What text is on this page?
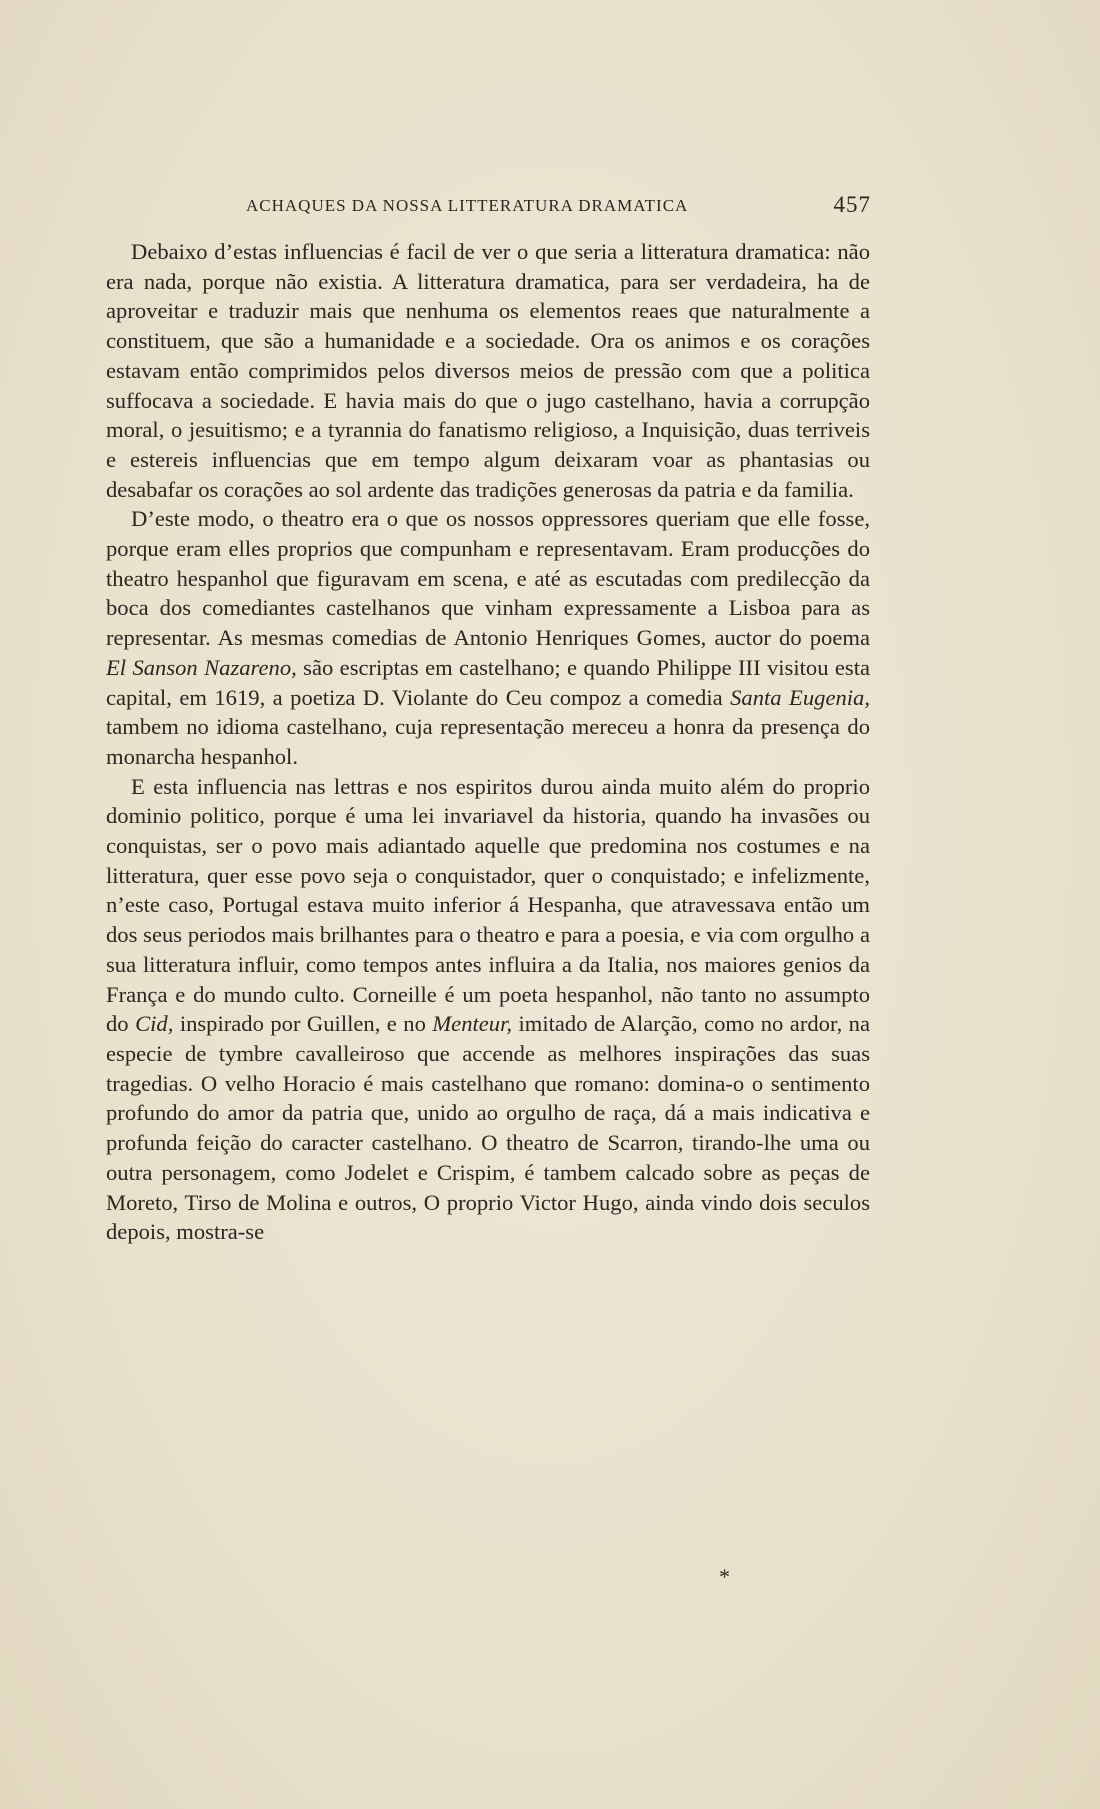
ACHAQUES DA NOSSA LITTERATURA DRAMATICA	457

Debaixo d’estas influencias é facil de ver o que seria a litteratura dramatica: não era nada, porque não existia. A litteratura dramatica, para ser verdadeira, ha de aproveitar e traduzir mais que nenhuma os elementos reaes que naturalmente a constituem, que são a humanidade e a sociedade. Ora os animos e os corações estavam então comprimidos pelos diversos meios de pressão com que a politica suffocava a sociedade. E havia mais do que o jugo castelhano, havia a corrupção moral, o jesuitismo; e a tyrannia do fanatismo religioso, a Inquisição, duas terriveis e estereis influencias que em tempo algum deixaram voar as phantasias ou desabafar os corações ao sol ardente das tradições generosas da patria e da familia.

D’este modo, o theatro era o que os nossos oppressores queriam que elle fosse, porque eram elles proprios que compunham e representavam. Eram producções do theatro hespanhol que figuravam em scena, e até as escutadas com predilecção da boca dos comediantes castelhanos que vinham expressamente a Lisboa para as representar. As mesmas comedias de Antonio Henriques Gomes, auctor do poema El Sanson Nazareno, são escriptas em castelhano; e quando Philippe III visitou esta capital, em 1619, a poetiza D. Violante do Ceu compoz a comedia Santa Eugenia, tambem no idioma castelhano, cuja representação mereceu a honra da presença do monarcha hespanhol.

E esta influencia nas lettras e nos espiritos durou ainda muito além do proprio dominio politico, porque é uma lei invariavel da historia, quando ha invasões ou conquistas, ser o povo mais adiantado aquelle que predomina nos costumes e na litteratura, quer esse povo seja o conquistador, quer o conquistado; e infelizmente, n’este caso, Portugal estava muito inferior á Hespanha, que atravessava então um dos seus periodos mais brilhantes para o theatro e para a poesia, e via com orgulho a sua litteratura influir, como tempos antes influira a da Italia, nos maiores genios da França e do mundo culto. Corneille é um poeta hespanhol, não tanto no assumpto do Cid, inspirado por Guillen, e no Menteur, imitado de Alarção, como no ardor, na especie de tymbre cavalleiroso que accende as melhores inspirações das suas tragedias. O velho Horacio é mais castelhano que romano: domina-o o sentimento profundo do amor da patria que, unido ao orgulho de raça, dá a mais indicativa e profunda feição do caracter castelhano. O theatro de Scarron, tirando-lhe uma ou outra personagem, como Jodelet e Crispim, é tambem calcado sobre as peças de Moreto, Tirso de Molina e outros, O proprio Victor Hugo, ainda vindo dois seculos depois, mostra-se

*
